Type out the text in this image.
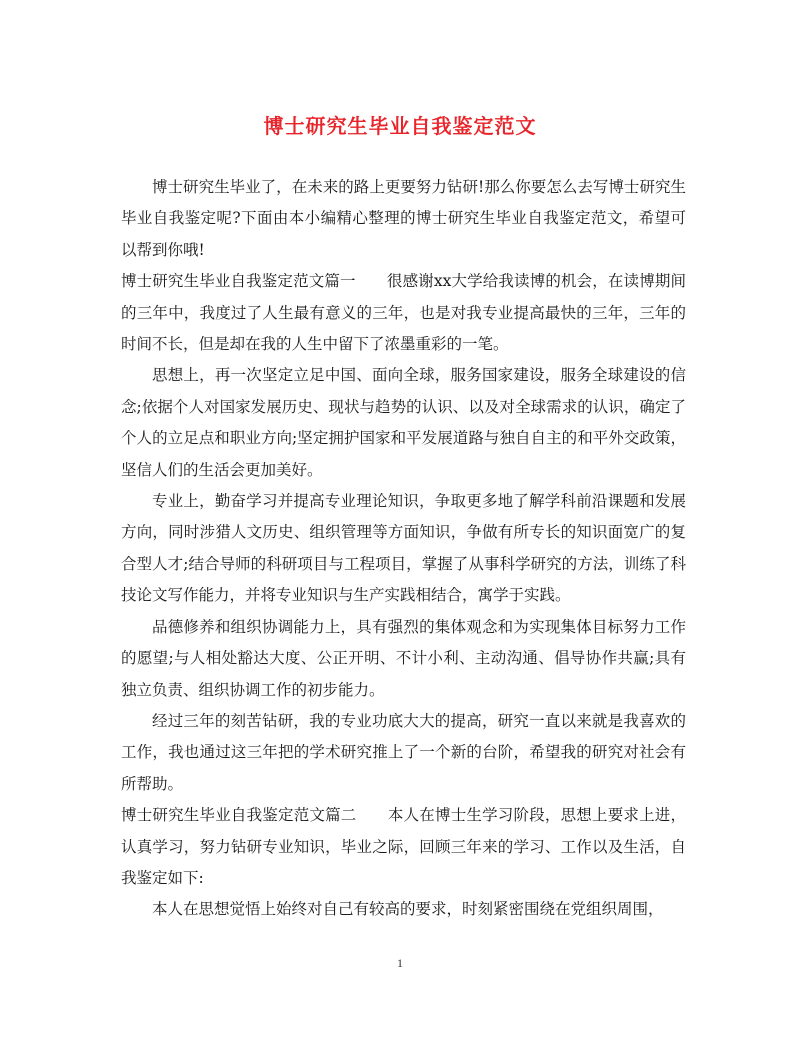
博士研究生毕业自我鉴定范文

博士研究生毕业了，在未来的路上更要努力钻研!那么你要怎么去写博士研究生毕业自我鉴定呢?下面由本小编精心整理的博士研究生毕业自我鉴定范文，希望可以帮到你哦!

博士研究生毕业自我鉴定范文篇一　　很感谢xx大学给我读博的机会，在读博期间的三年中，我度过了人生最有意义的三年，也是对我专业提高最快的三年，三年的时间不长，但是却在我的人生中留下了浓墨重彩的一笔。

思想上，再一次坚定立足中国、面向全球，服务国家建设，服务全球建设的信念;依据个人对国家发展历史、现状与趋势的认识、以及对全球需求的认识，确定了个人的立足点和职业方向;坚定拥护国家和平发展道路与独自自主的和平外交政策，坚信人们的生活会更加美好。

专业上，勤奋学习并提高专业理论知识，争取更多地了解学科前沿课题和发展方向，同时涉猎人文历史、组织管理等方面知识，争做有所专长的知识面宽广的复合型人才;结合导师的科研项目与工程项目，掌握了从事科学研究的方法，训练了科技论文写作能力，并将专业知识与生产实践相结合，寓学于实践。

品德修养和组织协调能力上，具有强烈的集体观念和为实现集体目标努力工作的愿望;与人相处豁达大度、公正开明、不计小利、主动沟通、倡导协作共赢;具有独立负责、组织协调工作的初步能力。

经过三年的刻苦钻研，我的专业功底大大的提高，研究一直以来就是我喜欢的工作，我也通过这三年把的学术研究推上了一个新的台阶，希望我的研究对社会有所帮助。

博士研究生毕业自我鉴定范文篇二　　本人在博士生学习阶段，思想上要求上进，认真学习，努力钻研专业知识，毕业之际，回顾三年来的学习、工作以及生活，自我鉴定如下:

本人在思想觉悟上始终对自己有较高的要求，时刻紧密围绕在党组织周围，

1
